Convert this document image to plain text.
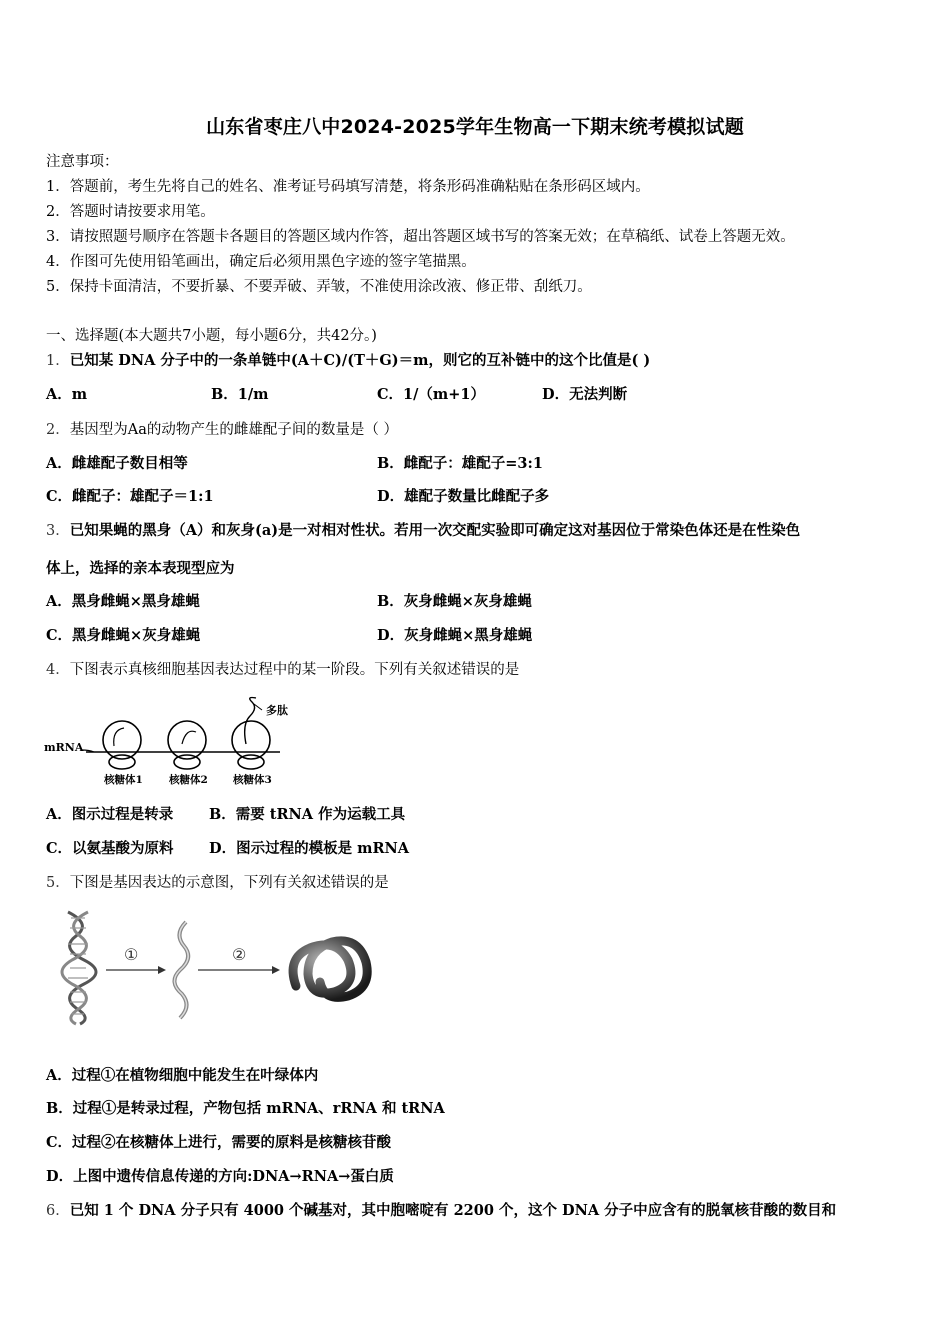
山东省枣庄八中2024-2025学年生物高一下期末统考模拟试题
注意事项：
1．答题前，考生先将自己的姓名、准考证号码填写清楚，将条形码准确粘贴在条形码区域内。
2．答题时请按要求用笔。
3．请按照题号顺序在答题卡各题目的答题区域内作答，超出答题区域书写的答案无效；在草稿纸、试卷上答题无效。
4．作图可先使用铅笔画出，确定后必须用黑色字迹的签字笔描黑。
5．保持卡面清洁，不要折暴、不要弄破、弄皱，不准使用涂改液、修正带、刮纸刀。
一、选择题(本大题共7小题，每小题6分，共42分。)
1．已知某 DNA 分子中的一条单链中(A＋C)/(T＋G)＝m，则它的互补链中的这个比值是( )
A．m	B．1/m	C．1/（m+1）	D．无法判断
2．基因型为Aa的动物产生的雌雄配子间的数量是（ ）
A．雌雄配子数目相等	B．雌配子：雄配子=3:1
C．雌配子：雄配子＝1:1	D．雄配子数量比雌配子多
3．已知果蝇的黑身（A）和灰身(a)是一对相对性状。若用一次交配实验即可确定这对基因位于常染色体还是在性染色
体上，选择的亲本表现型应为
A．黑身雌蝇×黑身雄蝇	B．灰身雌蝇×灰身雄蝇
C．黑身雌蝇×灰身雄蝇	D．灰身雌蝇×黑身雄蝇
4．下图表示真核细胞基因表达过程中的某一阶段。下列有关叙述错误的是
mRNA
多肽
核糖体1 核糖体2 核糖体3
A．图示过程是转录 B．需要 tRNA 作为运载工具
C．以氨基酸为原料 D．图示过程的模板是 mRNA
5．下图是基因表达的示意图，下列有关叙述错误的是
①	②
A．过程①在植物细胞中能发生在叶绿体内
B．过程①是转录过程，产物包括 mRNA、rRNA 和 tRNA
C．过程②在核糖体上进行，需要的原料是核糖核苷酸
D．上图中遗传信息传递的方向:DNA→RNA→蛋白质
6．已知 1 个 DNA 分子只有 4000 个碱基对，其中胞嘧啶有 2200 个，这个 DNA 分子中应含有的脱氧核苷酸的数目和
